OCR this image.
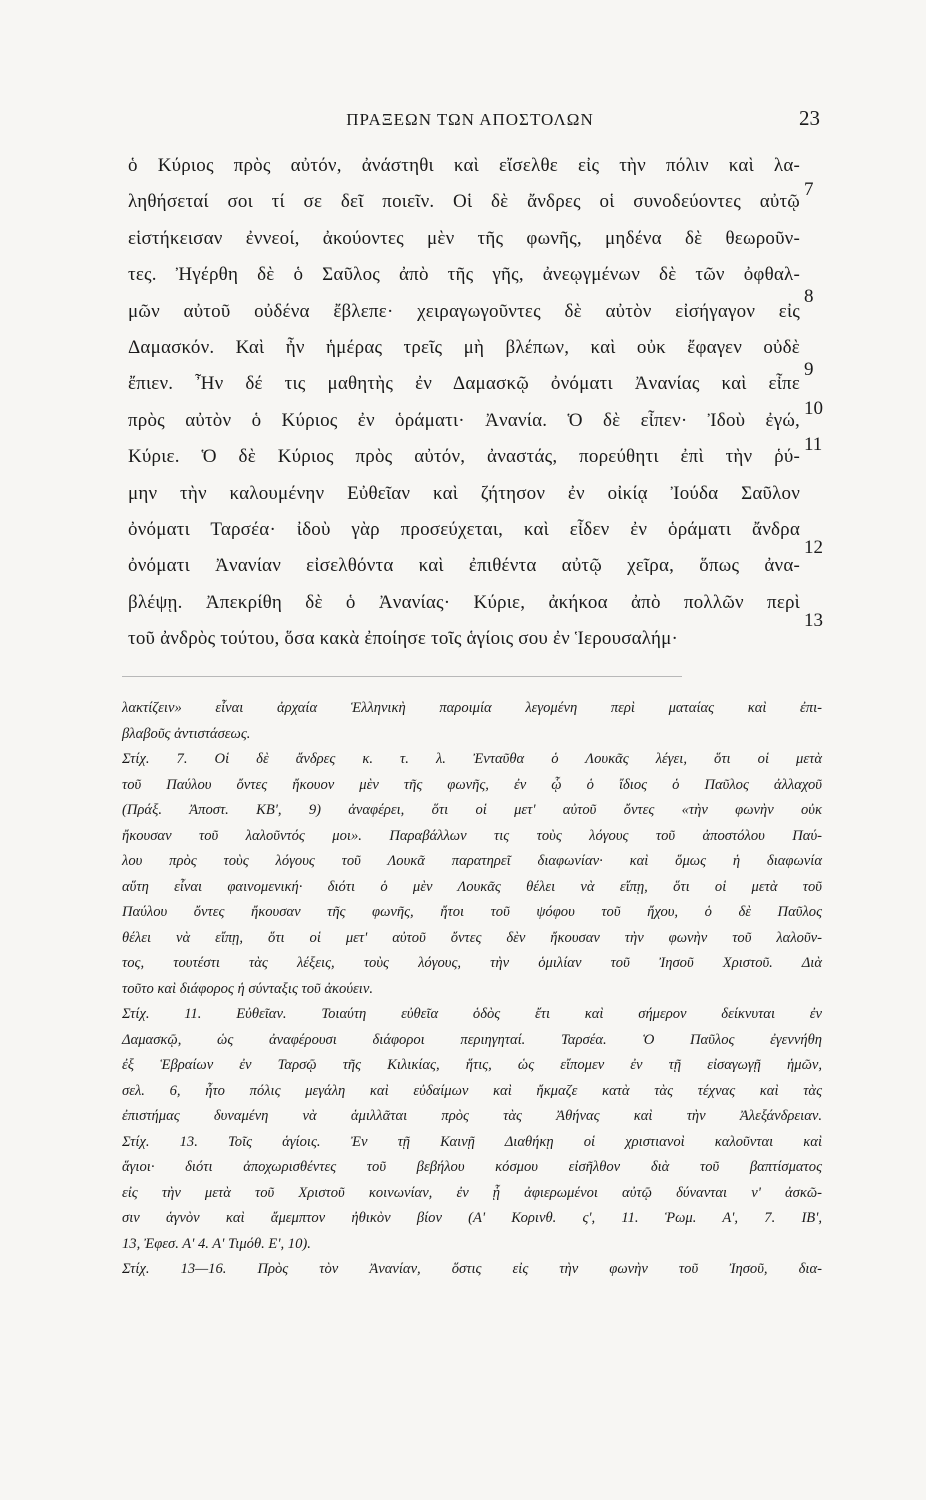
ΠΡΑΞΕΩΝ ΤΩΝ ΑΠΟΣΤΟΛΩΝ	23
ὁ Κύριος πρὸς αὐτόν, ἀνάστηθι καὶ εἴσελθε εἰς τὴν πόλιν καὶ λα-
ληθήσεταί σοι τί σε δεῖ ποιεῖν. Οἱ δὲ ἄνδρες οἱ συνοδεύοντες αὐτῷ
εἱστήκεισαν ἐννεοί, ἀκούοντες μὲν τῆς φωνῆς, μηδένα δὲ θεωροῦν-
τες. Ἠγέρθη δὲ ὁ Σαῦλος ἀπὸ τῆς γῆς, ἀνεῳγμένων δὲ τῶν ὀφθαλ-
μῶν αὐτοῦ οὐδένα ἔβλεπε· χειραγωγοῦντες δὲ αὐτὸν εἰσήγαγον εἰς
Δαμασκόν. Καὶ ἦν ἡμέρας τρεῖς μὴ βλέπων, καὶ οὐκ ἔφαγεν οὐδὲ
ἔπιεν. Ἦν δέ τις μαθητὴς ἐν Δαμασκῷ ὀνόματι Ἀνανίας καὶ εἶπε
πρὸς αὐτὸν ὁ Κύριος ἐν ὁράματι· Ἀνανία. Ὁ δὲ εἶπεν· Ἰδοὺ ἐγώ,
Κύριε. Ὁ δὲ Κύριος πρὸς αὐτόν, ἀναστάς, πορεύθητι ἐπὶ τὴν ῥύ-
μην τὴν καλουμένην Εὐθεῖαν καὶ ζήτησον ἐν οἰκίᾳ Ἰούδα Σαῦλον
ὀνόματι Ταρσέα· ἰδοὺ γὰρ προσεύχεται, καὶ εἶδεν ἐν ὁράματι ἄνδρα
ὀνόματι Ἀνανίαν εἰσελθόντα καὶ ἐπιθέντα αὐτῷ χεῖρα, ὅπως ἀνα-
βλέψῃ. Ἀπεκρίθη δὲ ὁ Ἀνανίας· Κύριε, ἀκήκοα ἀπὸ πολλῶν περὶ
τοῦ ἀνδρὸς τούτου, ὅσα κακὰ ἐποίησε τοῖς ἁγίοις σου ἐν Ἱερουσαλήμ·
7
8
9
10
11
12
13
λακτίζειν» εἶναι ἀρχαία Ἑλληνικὴ παροιμία λεγομένη περὶ ματαίας καὶ ἐπι-
βλαβοῦς ἀντιστάσεως.
Στίχ. 7. Οἱ δὲ ἄνδρες κ. τ. λ. Ἐνταῦθα ὁ Λουκᾶς λέγει, ὅτι οἱ μετὰ
τοῦ Παύλου ὄντες ἤκουον μὲν τῆς φωνῆς, ἐν ᾧ ὁ ἴδιος ὁ Παῦλος ἀλλαχοῦ
(Πράξ. Ἀποστ. ΚΒ', 9) ἀναφέρει, ὅτι οἱ μετ' αὐτοῦ ὄντες «τὴν φωνὴν οὐκ
ἤκουσαν τοῦ λαλοῦντός μοι». Παραβάλλων τις τοὺς λόγους τοῦ ἀποστόλου Παύ-
λου πρὸς τοὺς λόγους τοῦ Λουκᾶ παρατηρεῖ διαφωνίαν· καὶ ὅμως ἡ διαφωνία
αὕτη εἶναι φαινομενική· διότι ὁ μὲν Λουκᾶς θέλει νὰ εἴπῃ, ὅτι οἱ μετὰ τοῦ
Παύλου ὄντες ἤκουσαν τῆς φωνῆς, ἤτοι τοῦ ψόφου τοῦ ἤχου, ὁ δὲ Παῦλος
θέλει νὰ εἴπῃ, ὅτι οἱ μετ' αὐτοῦ ὄντες δὲν ἤκουσαν τὴν φωνὴν τοῦ λαλοῦν-
τος, τουτέστι τὰς λέξεις, τοὺς λόγους, τὴν ὁμιλίαν τοῦ Ἰησοῦ Χριστοῦ. Διὰ
τοῦτο καὶ διάφορος ἡ σύνταξις τοῦ ἀκούειν.
Στίχ. 11. Εὐθεῖαν. Τοιαύτη εὐθεῖα ὁδὸς ἔτι καὶ σήμερον δείκνυται ἐν
Δαμασκῷ, ὡς ἀναφέρουσι διάφοροι περιηγηταί. Ταρσέα. Ὁ Παῦλος ἐγεννήθη
ἐξ Ἑβραίων ἐν Ταρσῷ τῆς Κιλικίας, ἥτις, ὡς εἴπομεν ἐν τῇ εἰσαγωγῇ ἡμῶν,
σελ. 6, ἦτο πόλις μεγάλη καὶ εὐδαίμων καὶ ἤκμαζε κατὰ τὰς τέχνας καὶ τὰς
ἐπιστήμας δυναμένη νὰ ἁμιλλᾶται πρὸς τὰς Ἀθήνας καὶ τὴν Ἀλεξάνδρειαν.
Στίχ. 13. Τοῖς ἁγίοις. Ἐν τῇ Καινῇ Διαθήκῃ οἱ χριστιανοὶ καλοῦνται καὶ
ἅγιοι· διότι ἀποχωρισθέντες τοῦ βεβήλου κόσμου εἰσῆλθον διὰ τοῦ βαπτίσματος
εἰς τὴν μετὰ τοῦ Χριστοῦ κοινωνίαν, ἐν ᾗ ἀφιερωμένοι αὐτῷ δύνανται ν' ἀσκῶ-
σιν ἁγνὸν καὶ ἄμεμπτον ἠθικὸν βίον (Α' Κορινθ. ς', 11. Ῥωμ. Α', 7. ΙΒ',
13, Ἐφεσ. Α' 4. Α' Τιμόθ. Ε', 10).
Στίχ. 13—16. Πρὸς τὸν Ἀνανίαν, ὅστις εἰς τὴν φωνὴν τοῦ Ἰησοῦ, δια-
